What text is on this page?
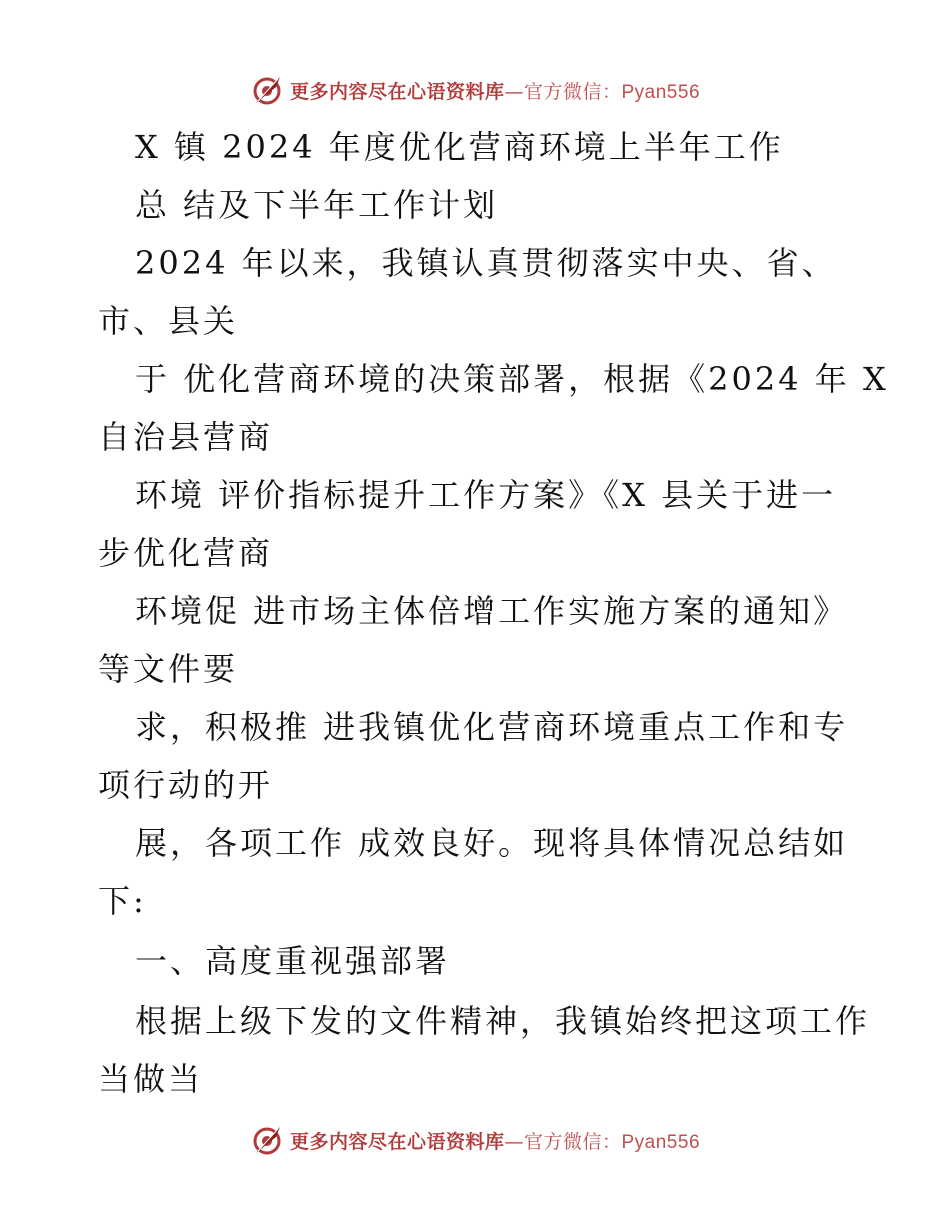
更多内容尽在心语资料库—官方微信：Pyan556
X 镇 2024 年度优化营商环境上半年工作
总 结及下半年工作计划
2024 年以来，我镇认真贯彻落实中央、省、
市、县关
于 优化营商环境的决策部署，根据《2024 年 X
自治县营商
环境 评价指标提升工作方案》《X 县关于进一
步优化营商
环境促 进市场主体倍增工作实施方案的通知》
等文件要
求，积极推 进我镇优化营商环境重点工作和专
项行动的开
展，各项工作 成效良好。现将具体情况总结如
下:
一、高度重视强部署
根据上级下发的文件精神，我镇始终把这项工作
当做当
更多内容尽在心语资料库—官方微信：Pyan556
